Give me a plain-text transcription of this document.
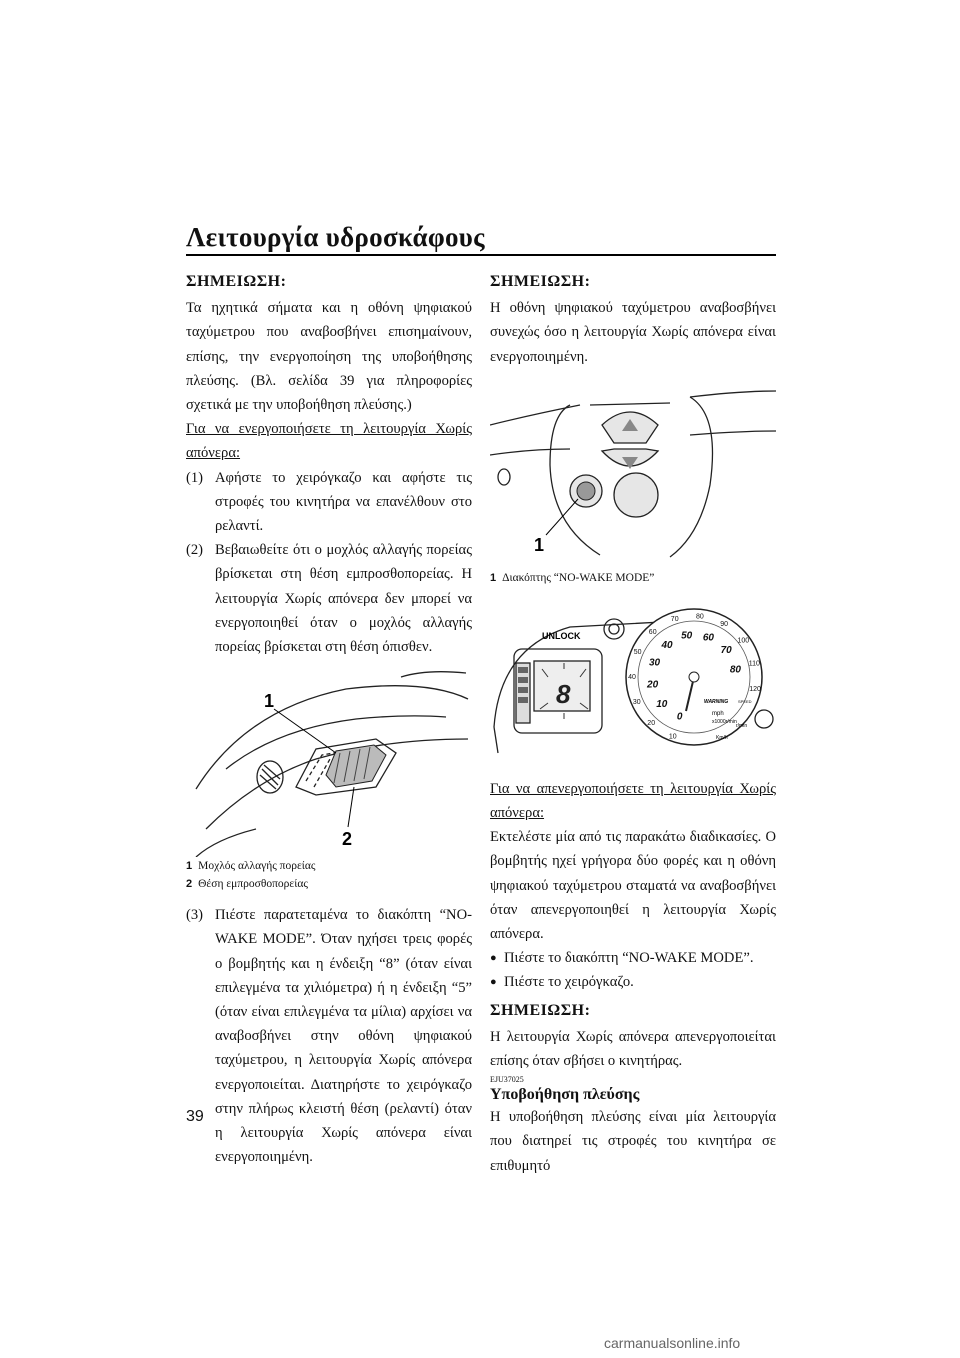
Λειτουργία υδροσκάφους
ΣΗΜΕΙΩΣΗ:

Τα ηχητικά σήματα και η οθόνη ψηφιακού ταχύμετρου που αναβοσβήνει επισημαίνουν, επίσης, την ενεργοποίηση της υποβοήθησης πλεύσης. (Βλ. σελίδα 39 για πληροφορίες σχετικά με την υποβοήθηση πλεύσης.)

Για να ενεργοποιήσετε τη λειτουργία Χωρίς απόνερα:

(1) Αφήστε το χειρόγκαζο και αφήστε τις στροφές του κινητήρα να επανέλθουν στο ρελαντί.
(2) Βεβαιωθείτε ότι ο μοχλός αλλαγής πορείας βρίσκεται στη θέση εμπροσθοπορείας. Η λειτουργία Χωρίς απόνερα δεν μπορεί να ενεργοποιηθεί όταν ο μοχλός αλλαγής πορείας βρίσκεται στη θέση όπισθεν.
1
2
1 Μοχλός αλλαγής πορείας
2 Θέση εμπροσθοπορείας
(3) Πιέστε παρατεταμένα το διακόπτη “NO-WAKE MODE”. Όταν ηχήσει τρεις φορές ο βομβητής και η ένδειξη “8” (όταν είναι επιλεγμένα τα χιλιόμετρα) ή η ένδειξη “5” (όταν είναι επιλεγμένα τα μίλια) αρχίσει να αναβοσβήνει στην οθόνη ψηφιακού ταχύμετρου, η λειτουργία Χωρίς απόνερα ενεργοποιείται. Διατηρήστε το χειρόγκαζο στην πλήρως κλειστή θέση (ρελαντί) όταν η λειτουργία Χωρίς απόνερα είναι ενεργοποιημένη.
ΣΗΜΕΙΩΣΗ:

Η οθόνη ψηφιακού ταχύμετρου αναβοσβήνει συνεχώς όσο η λειτουργία Χωρίς απόνερα είναι ενεργοποιημένη.

1
1 Διακόπτης “NO-WAKE MODE”
8
UNLOCK
10
20
30
40
50
60
70 80
90
100
110
120
0
10
20
30
40
50 60
70
80
mph
x1000r/min
Km/h
r/min
WARNING SPEED

Για να απενεργοποιήσετε τη λειτουργία Χωρίς απόνερα:

Εκτελέστε μία από τις παρακάτω διαδικασίες. Ο βομβητής ηχεί γρήγορα δύο φορές και η οθόνη ψηφιακού ταχύμετρου σταματά να αναβοσβήνει όταν απενεργοποιηθεί η λειτουργία Χωρίς απόνερα.

● Πιέστε το διακόπτη “NO-WAKE MODE”.
● Πιέστε το χειρόγκαζο.
ΣΗΜΕΙΩΣΗ:

Η λειτουργία Χωρίς απόνερα απενεργοποιείται επίσης όταν σβήσει ο κινητήρας.

EJU37025
Υποβοήθηση πλεύσης

Η υποβοήθηση πλεύσης είναι μία λειτουργία που διατηρεί τις στροφές του κινητήρα σε επιθυμητό

39
carmanualsonline.info
